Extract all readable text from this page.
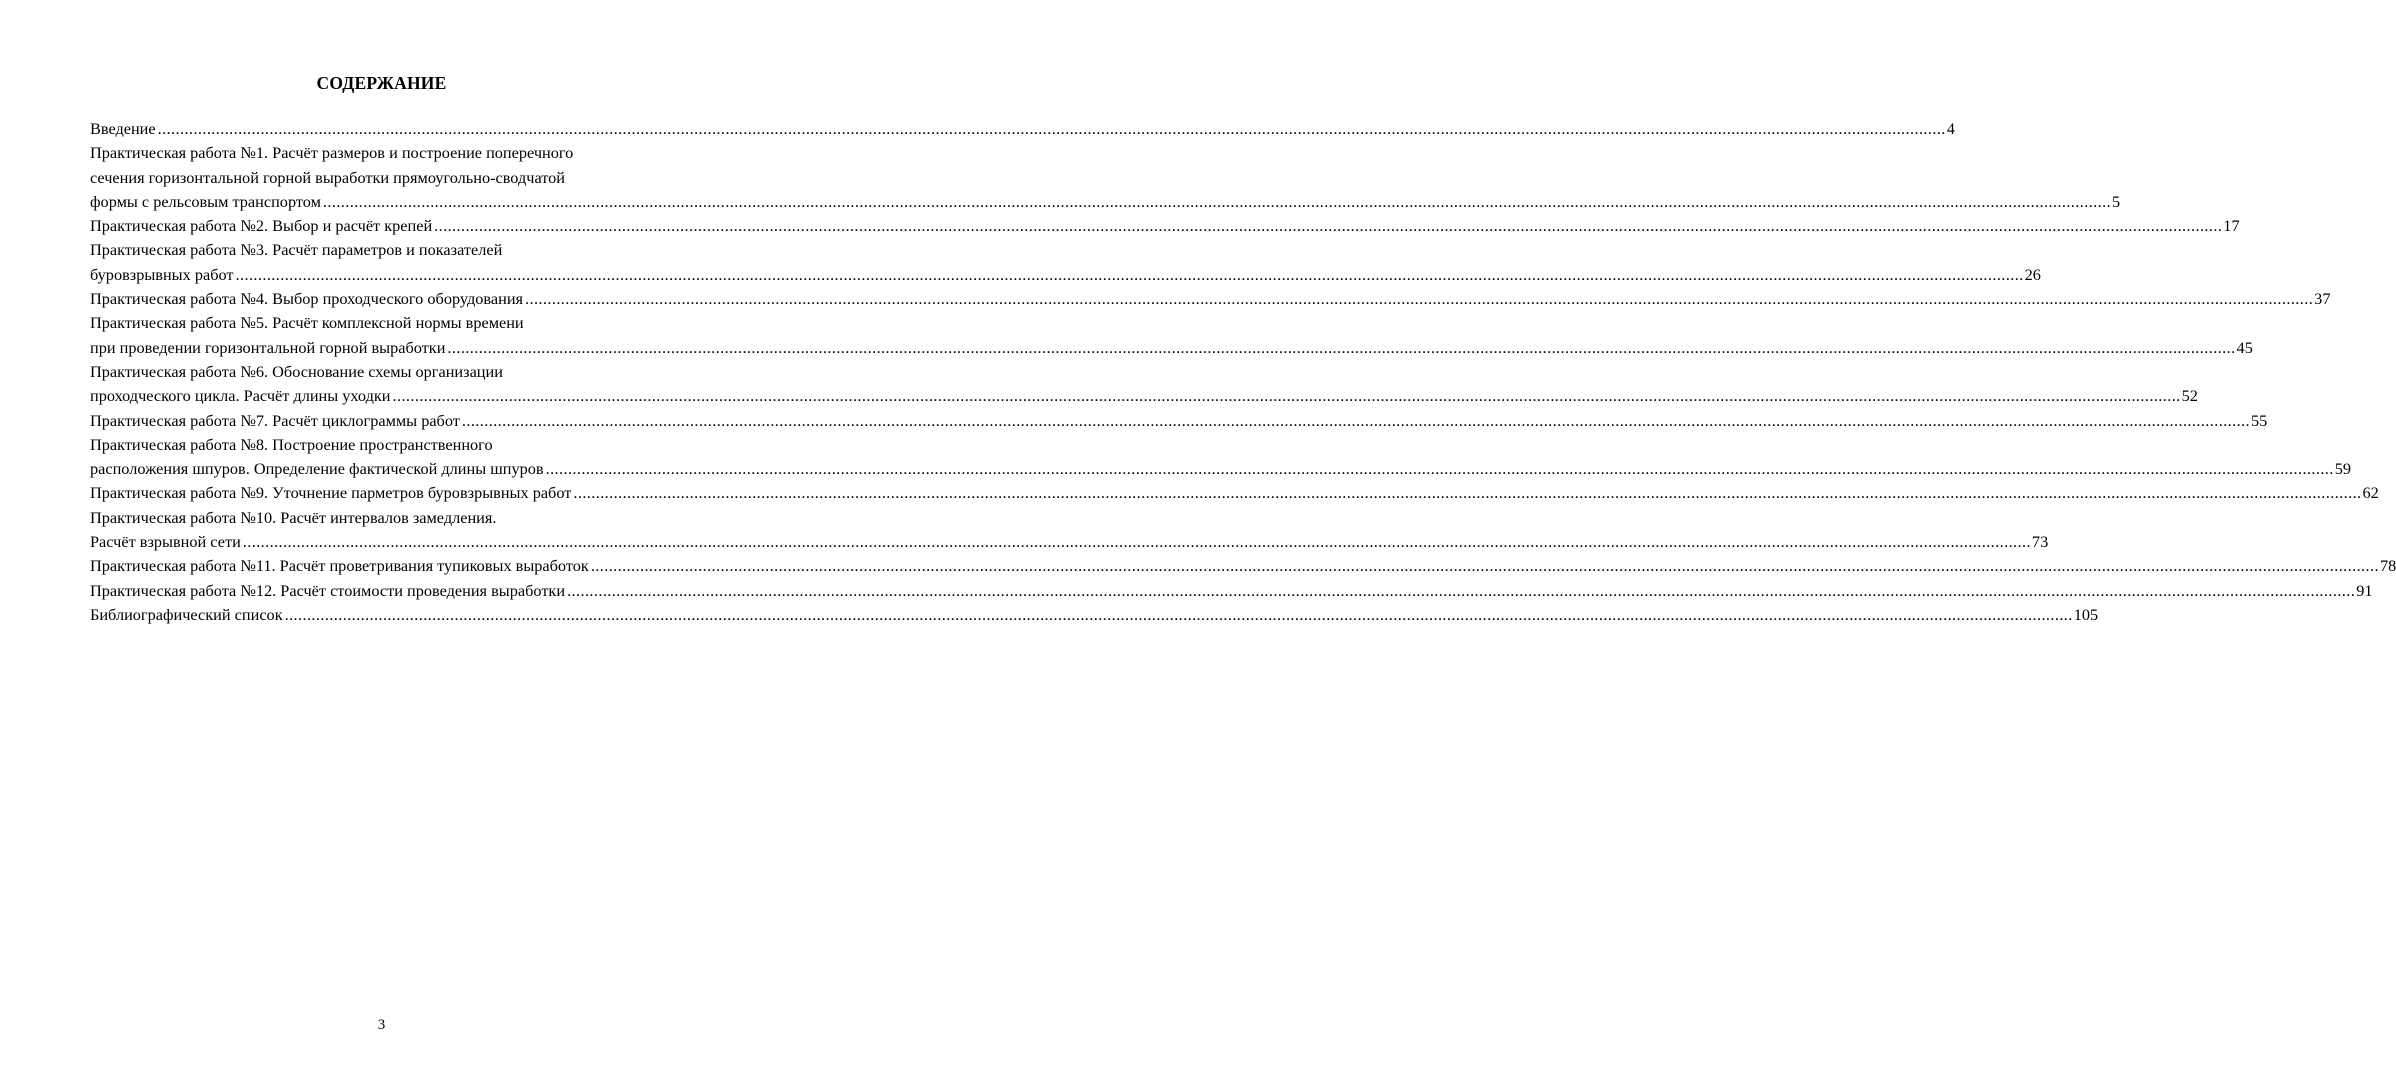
СОДЕРЖАНИЕ
Введение ................................................................................................................................................................................................................................................................................................................................................................................................................ 4
Практическая работа №1. Расчёт размеров и построение поперечного
сечения горизонтальной горной выработки прямоугольно-сводчатой
формы с рельсовым транспортом ................................................................................................................................................................................................................................................................................................................................................................................................................ 5
Практическая работа №2. Выбор и расчёт крепей ................................................................................................................................................................................................................................................................................................................................................................................................................ 17
Практическая работа №3. Расчёт параметров и показателей
буровзрывных работ ................................................................................................................................................................................................................................................................................................................................................................................................................ 26
Практическая работа №4. Выбор проходческого оборудования ................................................................................................................................................................................................................................................................................................................................................................................................................ 37
Практическая работа №5. Расчёт комплексной нормы времени
при проведении горизонтальной горной выработки ................................................................................................................................................................................................................................................................................................................................................................................................................ 45
Практическая работа №6. Обоснование схемы организации
проходческого цикла. Расчёт длины уходки ................................................................................................................................................................................................................................................................................................................................................................................................................ 52
Практическая работа №7. Расчёт циклограммы работ ................................................................................................................................................................................................................................................................................................................................................................................................................ 55
Практическая работа №8. Построение пространственного
расположения шпуров. Определение фактической длины шпуров ................................................................................................................................................................................................................................................................................................................................................................................................................ 59
Практическая работа №9. Уточнение парметров буровзрывных работ ................................................................................................................................................................................................................................................................................................................................................................................................................ 62
Практическая работа №10. Расчёт интервалов замедления.
Расчёт взрывной сети ................................................................................................................................................................................................................................................................................................................................................................................................................ 73
Практическая работа №11. Расчёт проветривания тупиковых выработок ................................................................................................................................................................................................................................................................................................................................................................................................................ 78
Практическая работа №12. Расчёт стоимости проведения выработки ................................................................................................................................................................................................................................................................................................................................................................................................................ 91
Библиографический список ................................................................................................................................................................................................................................................................................................................................................................................................................ 105
3
